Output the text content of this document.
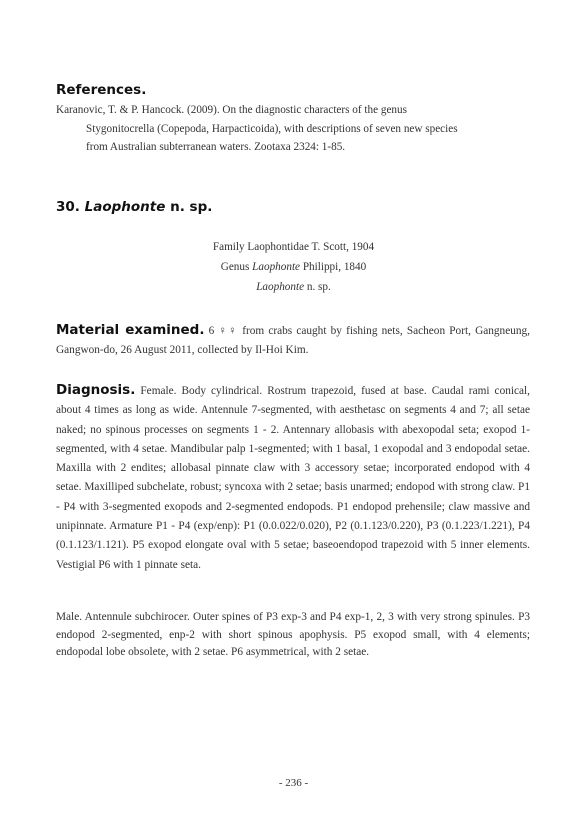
References.
Karanovic, T. & P. Hancock. (2009). On the diagnostic characters of the genus
Stygonitocrella (Copepoda, Harpacticoida), with descriptions of seven new species
from Australian subterranean waters. Zootaxa 2324: 1-85.
30. Laophonte n. sp.
Family Laophontidae T. Scott, 1904
Genus Laophonte Philippi, 1840
Laophonte n. sp.

Material examined. 6 ♀♀ from crabs caught by fishing nets, Sacheon Port, Gangneung, Gangwon-do, 26 August 2011, collected by Il-Hoi Kim.

Diagnosis. Female. Body cylindrical. Rostrum trapezoid, fused at base. Caudal rami conical, about 4 times as long as wide. Antennule 7-segmented, with aesthetasc on segments 4 and 7; all setae naked; no spinous processes on segments 1 - 2. Antennary allobasis with abexopodal seta; exopod 1-segmented, with 4 setae. Mandibular palp 1-segmented; with 1 basal, 1 exopodal and 3 endopodal setae. Maxilla with 2 endites; allobasal pinnate claw with 3 accessory setae; incorporated endopod with 4 setae. Maxilliped subchelate, robust; syncoxa with 2 setae; basis unarmed; endopod with strong claw. P1 - P4 with 3-segmented exopods and 2-segmented endopods. P1 endopod prehensile; claw massive and unipinnate. Armature P1 - P4 (exp/enp): P1 (0.0.022/0.020), P2 (0.1.123/0.220), P3 (0.1.223/1.221), P4 (0.1.123/1.121). P5 exopod elongate oval with 5 setae; baseoendopod trapezoid with 5 inner elements. Vestigial P6 with 1 pinnate seta.

Male. Antennule subchirocer. Outer spines of P3 exp-3 and P4 exp-1, 2, 3 with very strong spinules. P3 endopod 2-segmented, enp-2 with short spinous apophysis. P5 exopod small, with 4 elements; endopodal lobe obsolete, with 2 setae. P6 asymmetrical, with 2 setae.

- 236 -
